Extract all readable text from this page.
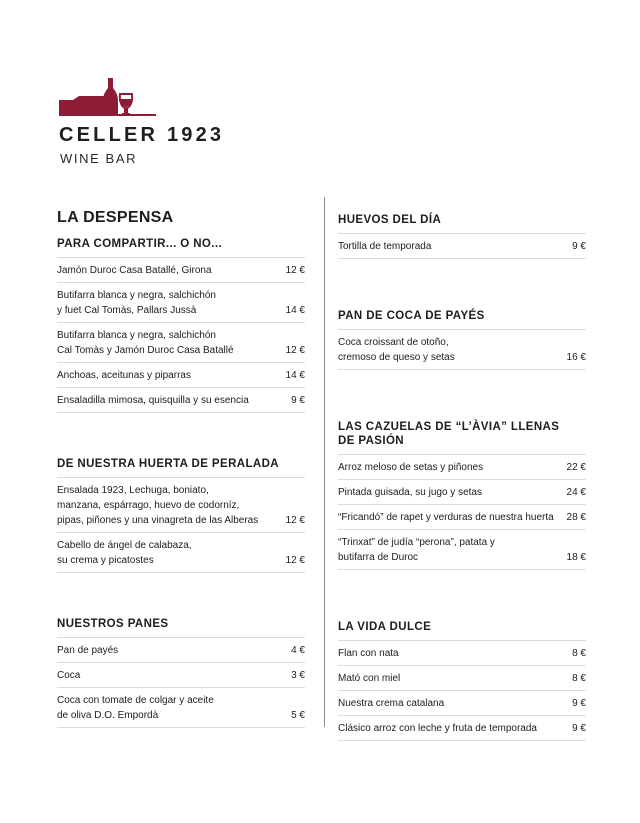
CELLER 1923
WINE BAR
LA DESPENSA
PARA COMPARTIR... O NO...
Jamón Duroc Casa Batallé, Girona	12 €
Butifarra blanca y negra, salchichón
y fuet Cal Tomàs, Pallars Jussà	14 €
Butifarra blanca y negra, salchichón
Cal Tomàs y Jamón Duroc Casa Batallé	12 €
Anchoas, aceitunas y piparras	14 €
Ensaladilla mimosa, quisquilla y su esencia	9 €
DE NUESTRA HUERTA DE PERALADA
Ensalada 1923, Lechuga, boniato,
manzana, espárrago, huevo de codorníz,
pipas, piñones y una vinagreta de las Alberas	12 €
Cabello de ángel de calabaza,
su crema y picatostes	12 €
NUESTROS PANES
Pan de payés	4 €
Coca	3 €
Coca con tomate de colgar y aceite
de oliva D.O. Empordà	5 €
HUEVOS DEL DÍA
Tortilla de temporada	9 €
PAN DE COCA DE PAYÉS
Coca croissant de otoño,
cremoso de queso y setas	16 €
LAS CAZUELAS DE “L’ÀVIA” LLENAS
DE PASIÓN
Arroz meloso de setas y piñones	22 €
Pintada guisada, su jugo y setas	24 €
“Fricandó” de rapet y verduras de nuestra huerta	28 €
“Trinxat” de judía “perona”, patata y
butifarra de Duroc	18 €
LA VIDA DULCE
Flan con nata	8 €
Mató con miel	8 €
Nuestra crema catalana	9 €
Clásico arroz con leche y fruta de temporada	9 €
